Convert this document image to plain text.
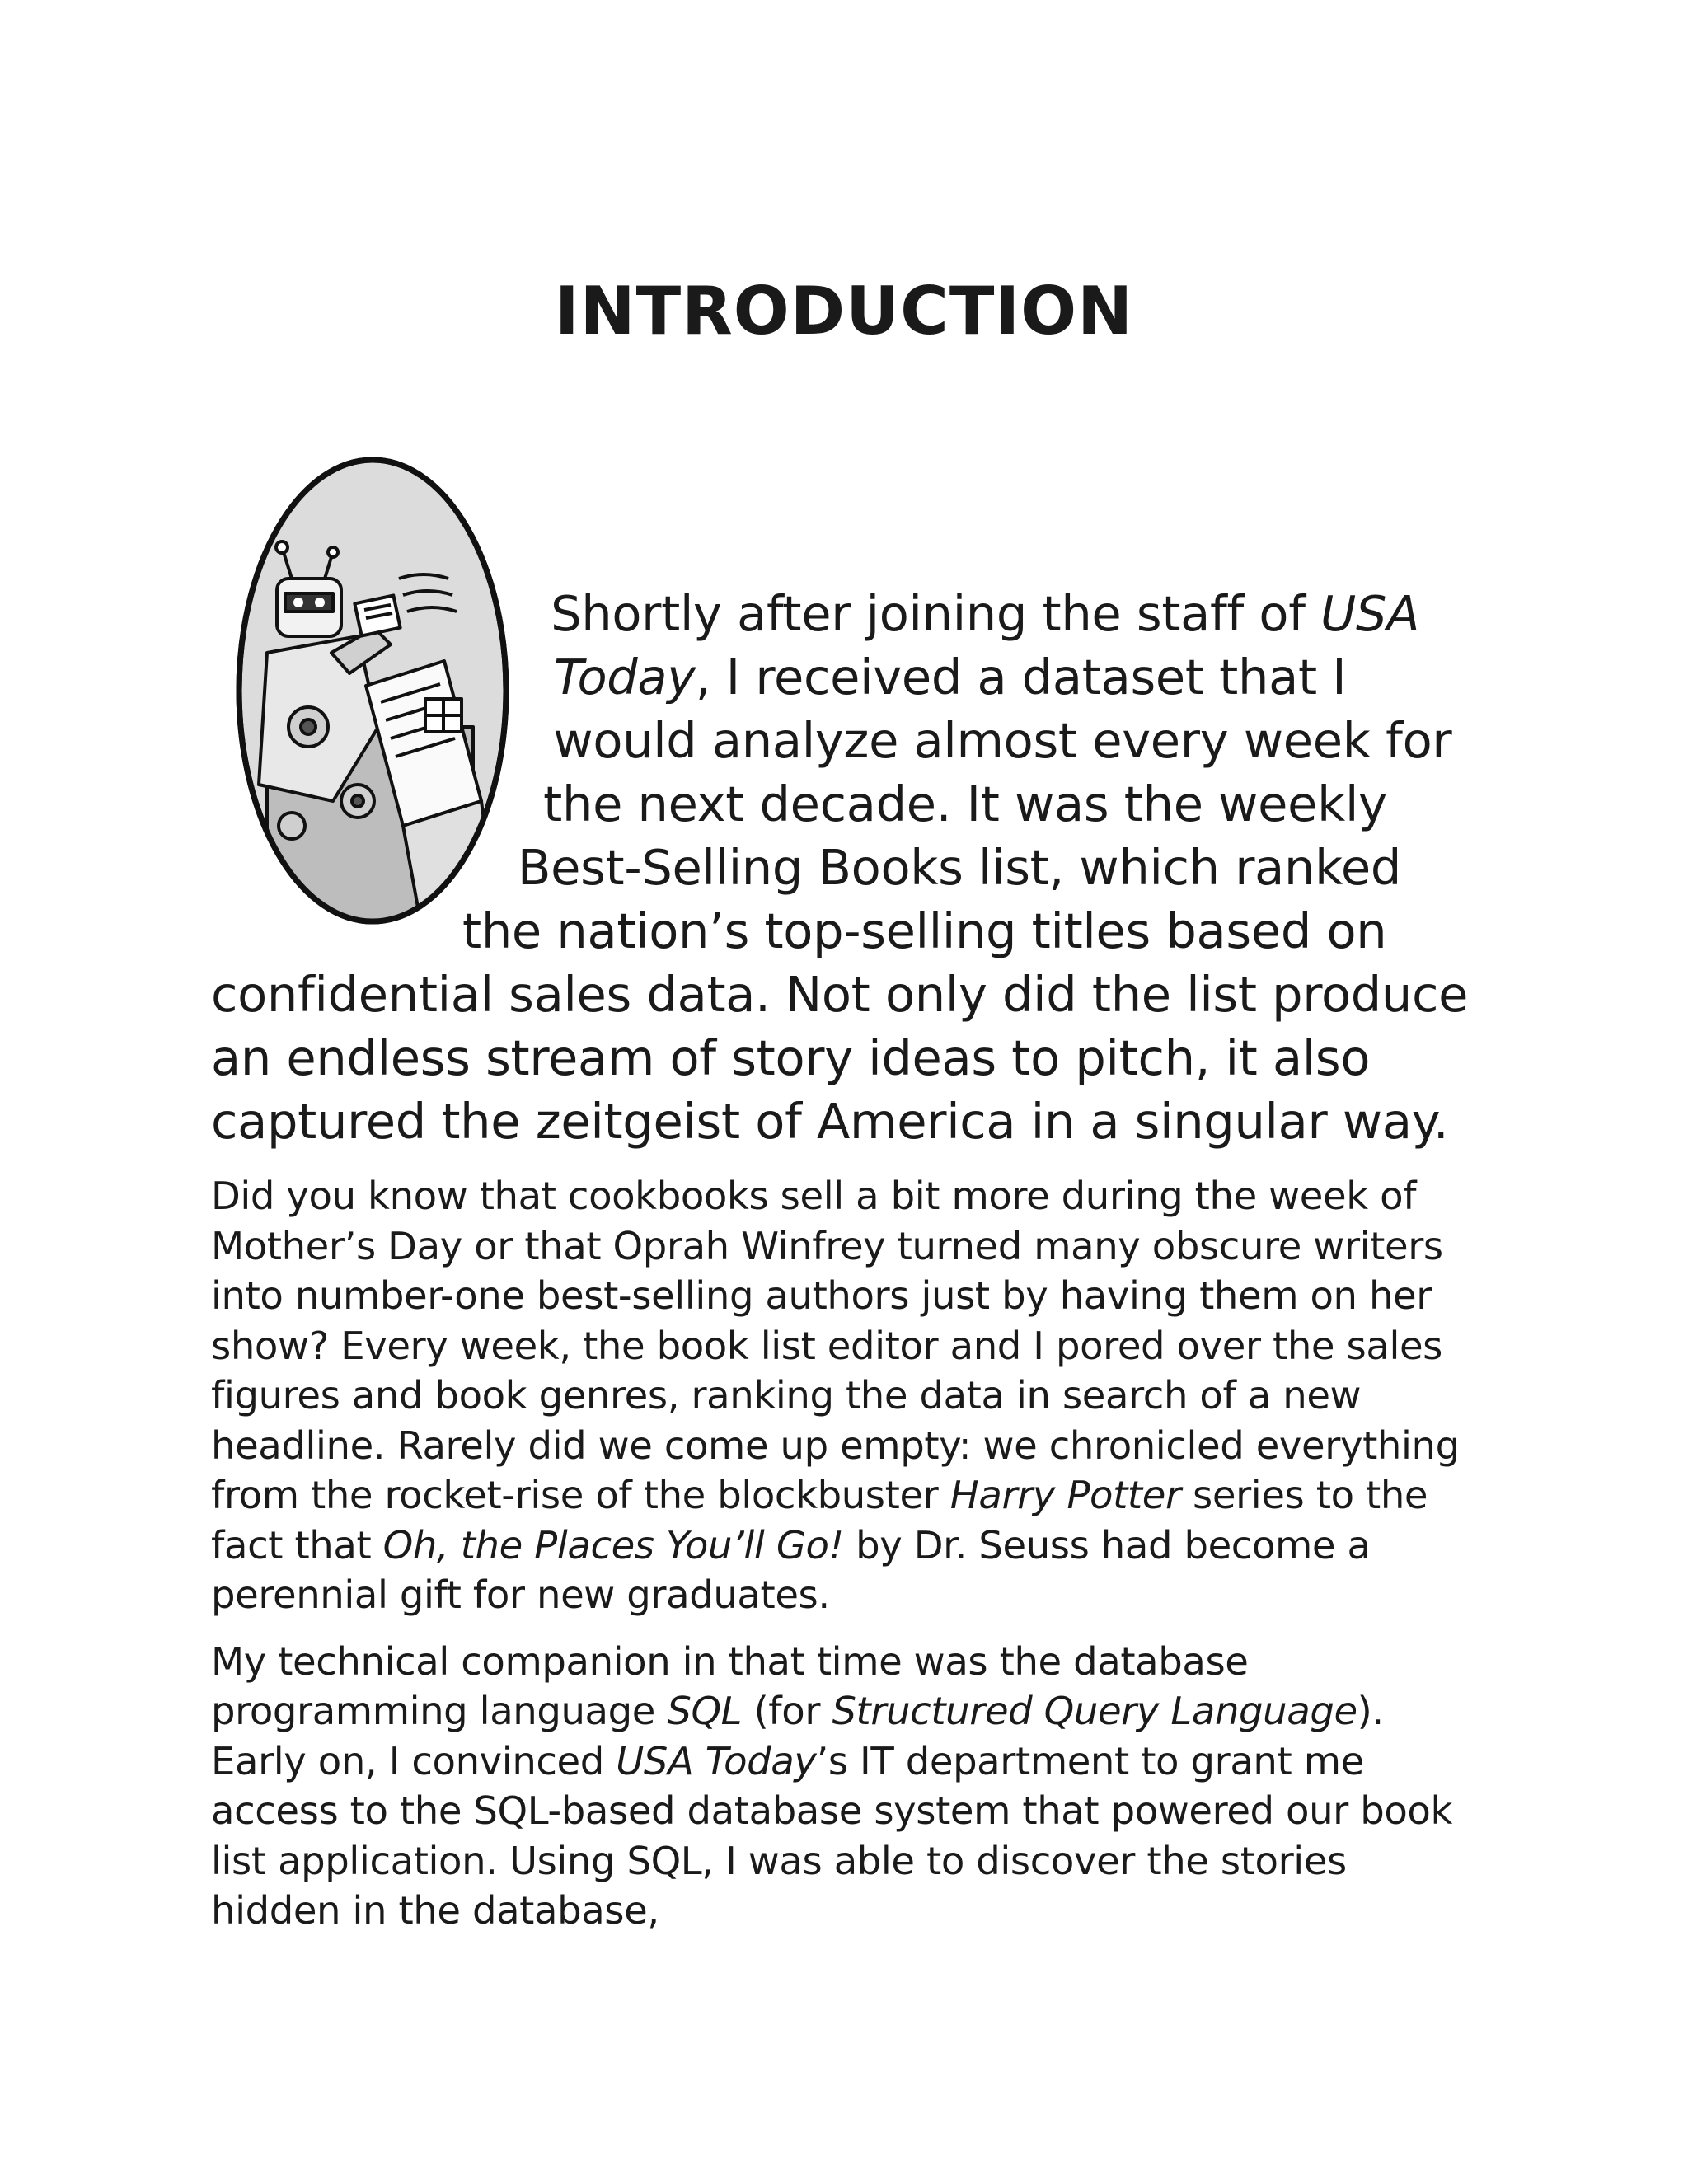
INTRODUCTION

Shortly after joining the staff of USA Today, I received a dataset that I would analyze almost every week for the next decade. It was the weekly Best-Selling Books list, which ranked the nation’s top-selling titles based on confidential sales data. Not only did the list produce an endless stream of story ideas to pitch, it also captured the zeitgeist of America in a singular way.

Did you know that cookbooks sell a bit more during the week of Mother’s Day or that Oprah Winfrey turned many obscure writers into number-one best-selling authors just by having them on her show? Every week, the book list editor and I pored over the sales figures and book genres, ranking the data in search of a new headline. Rarely did we come up empty: we chronicled everything from the rocket-rise of the blockbuster Harry Potter series to the fact that Oh, the Places You’ll Go! by Dr. Seuss had become a perennial gift for new graduates.

My technical companion in that time was the database programming language SQL (for Structured Query Language). Early on, I convinced USA Today’s IT department to grant me access to the SQL-based database system that powered our book list application. Using SQL, I was able to discover the stories hidden in the database,
